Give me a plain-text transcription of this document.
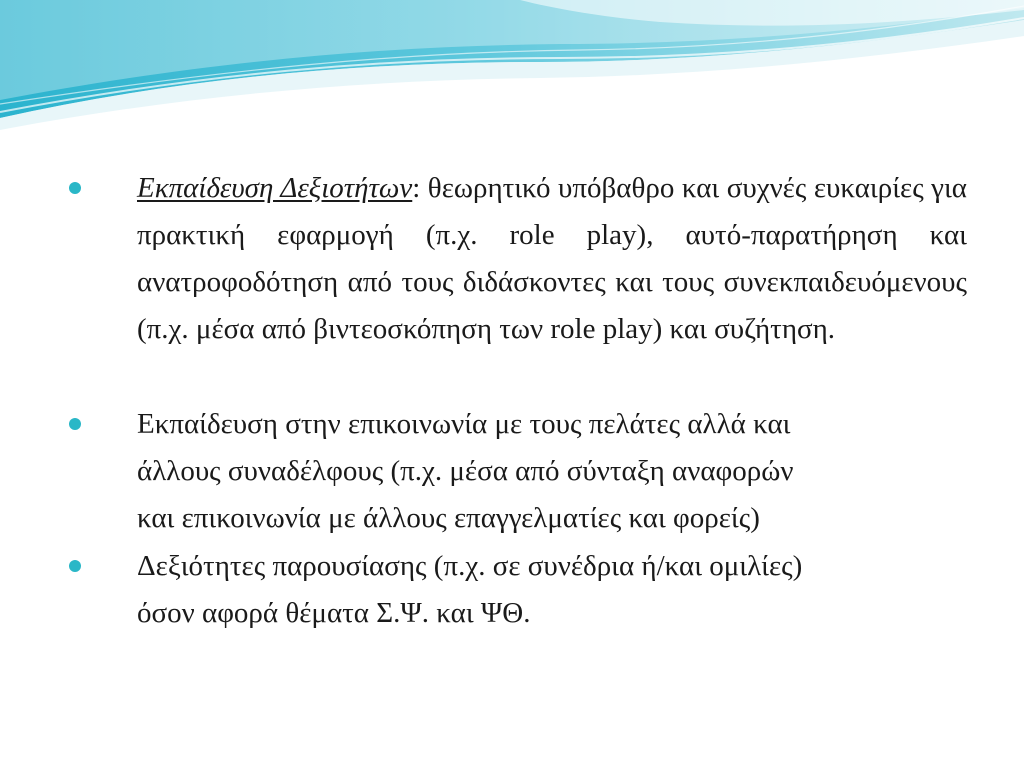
Εκπαίδευση Δεξιοτήτων: θεωρητικό υπόβαθρο και συχνές ευκαιρίες για πρακτική εφαρμογή (π.χ. role play), αυτό-παρατήρηση και ανατροφοδότηση από τους διδάσκοντες και τους συνεκπαιδευόμενους (π.χ. μέσα από βιντεοσκόπηση των role play) και συζήτηση.
Εκπαίδευση στην επικοινωνία με τους πελάτες αλλά και
άλλους συναδέλφους (π.χ. μέσα από σύνταξη αναφορών
και επικοινωνία με άλλους επαγγελματίες και φορείς)
Δεξιότητες παρουσίασης (π.χ. σε συνέδρια ή/και ομιλίες)
όσον αφορά θέματα Σ.Ψ. και ΨΘ.
